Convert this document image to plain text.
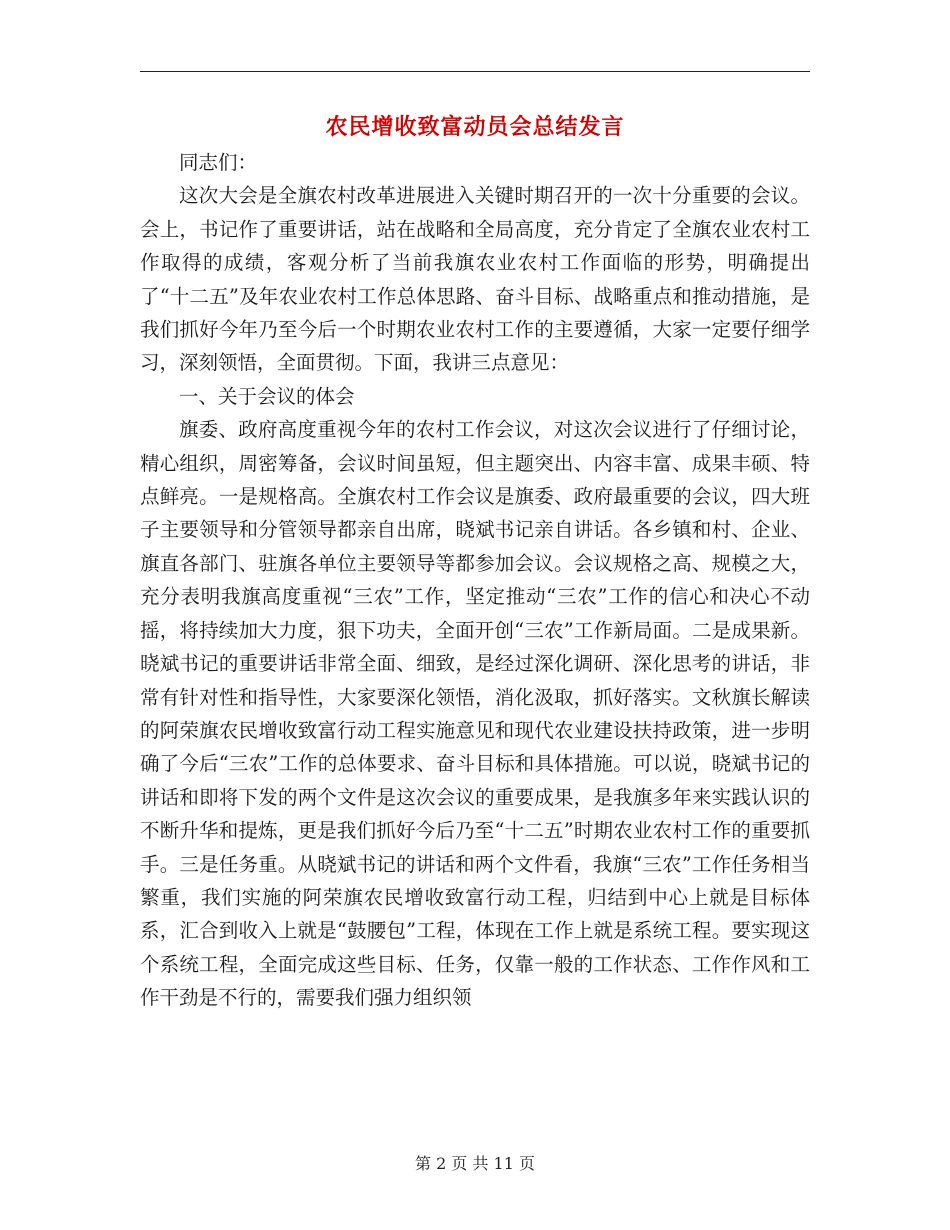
农民增收致富动员会总结发言

同志们：

这次大会是全旗农村改革进展进入关键时期召开的一次十分重要的会议。会上，书记作了重要讲话，站在战略和全局高度，充分肯定了全旗农业农村工作取得的成绩，客观分析了当前我旗农业农村工作面临的形势，明确提出了“十二五”及年农业农村工作总体思路、奋斗目标、战略重点和推动措施，是我们抓好今年乃至今后一个时期农业农村工作的主要遵循，大家一定要仔细学习，深刻领悟，全面贯彻。下面，我讲三点意见：

一、关于会议的体会

旗委、政府高度重视今年的农村工作会议，对这次会议进行了仔细讨论，精心组织，周密筹备，会议时间虽短，但主题突出、内容丰富、成果丰硕、特点鲜亮。一是规格高。全旗农村工作会议是旗委、政府最重要的会议，四大班子主要领导和分管领导都亲自出席，晓斌书记亲自讲话。各乡镇和村、企业、旗直各部门、驻旗各单位主要领导等都参加会议。会议规格之高、规模之大，充分表明我旗高度重视“三农”工作，坚定推动“三农”工作的信心和决心不动摇，将持续加大力度，狠下功夫，全面开创“三农”工作新局面。二是成果新。晓斌书记的重要讲话非常全面、细致，是经过深化调研、深化思考的讲话，非常有针对性和指导性，大家要深化领悟，消化汲取，抓好落实。文秋旗长解读的阿荣旗农民增收致富行动工程实施意见和现代农业建设扶持政策，进一步明确了今后“三农”工作的总体要求、奋斗目标和具体措施。可以说，晓斌书记的讲话和即将下发的两个文件是这次会议的重要成果，是我旗多年来实践认识的不断升华和提炼，更是我们抓好今后乃至“十二五”时期农业农村工作的重要抓手。三是任务重。从晓斌书记的讲话和两个文件看，我旗“三农”工作任务相当繁重，我们实施的阿荣旗农民增收致富行动工程，归结到中心上就是目标体系，汇合到收入上就是“鼓腰包”工程，体现在工作上就是系统工程。要实现这个系统工程，全面完成这些目标、任务，仅靠一般的工作状态、工作作风和工作干劲是不行的，需要我们强力组织领

第 2 页 共 11 页
